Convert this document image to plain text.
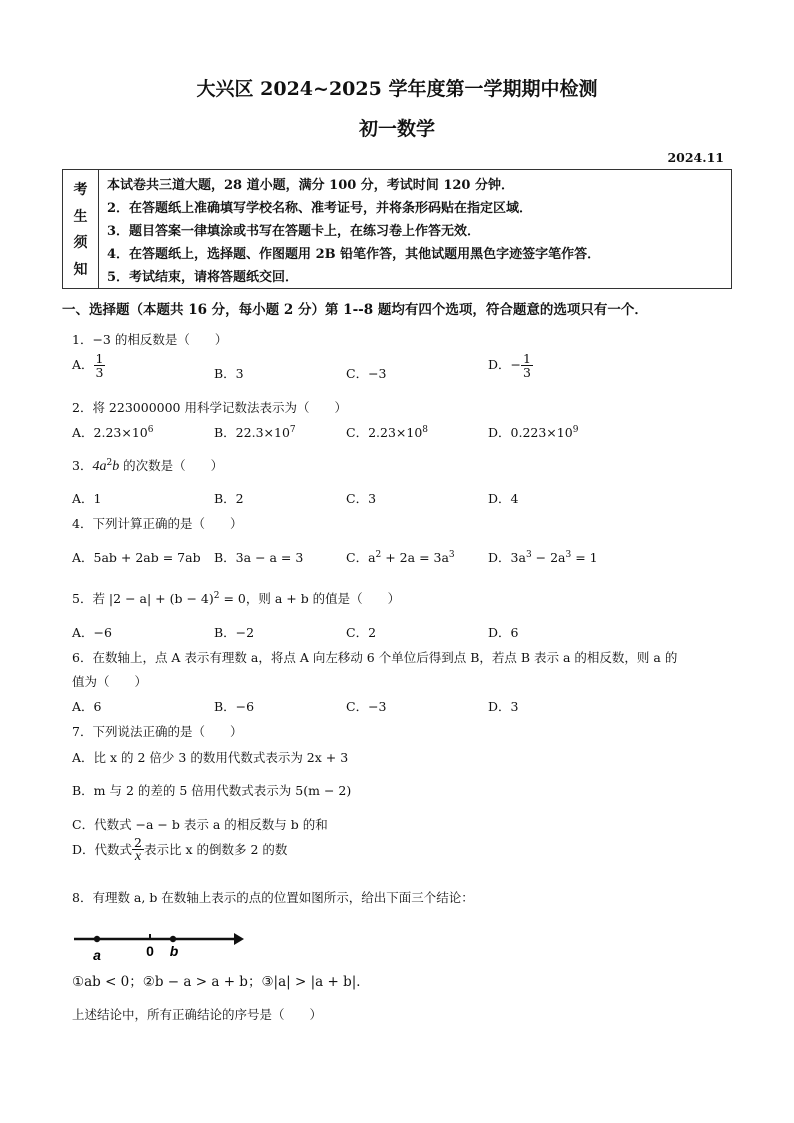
大兴区 2024~2025 学年度第一学期期中检测
初一数学
2024.11
考
生
须
知
本试卷共三道大题，28 道小题，满分 100 分，考试时间 120 分钟．
2．在答题纸上准确填写学校名称、准考证号，并将条形码贴在指定区域．
3．题目答案一律填涂或书写在答题卡上，在练习卷上作答无效．
4．在答题纸上，选择题、作图题用 2B 铅笔作答，其他试题用黑色字迹签字笔作答．
5．考试结束，请将答题纸交回．
一、选择题（本题共 16 分，每小题 2 分）第 1--8 题均有四个选项，符合题意的选项只有一个．
1．−3 的相反数是（　　）
A． $\frac{1}{3}$	B．3	C．−3
D．− $\frac{1}{3}$
2．将 223000000 用科学记数法表示为（　　）
A．$2.23\times 10^6$	B．$22.3\times 10^7$	C．$2.23\times 10^8$	D．$0.223\times 10^9$
3．$4a^2b$ 的次数是（　　）
A．1	B．2	C．3	D．4
4．下列计算正确的是（　　）
A．5ab + 2ab = 7ab B．3a − a = 3	C．$a^2 + 2a = 3a^3$	D．$3a^3 - 2a^3 = 1$
5．若 $|2 - a| + (b - 4)^2 = 0$，则 a + b 的值是（　　）
A．−6	B．−2	C．2	D．6
6．在数轴上，点 A 表示有理数 a，将点 A 向左移动 6 个单位后得到点 B，若点 B 表示 a 的相反数，则 a 的
值为（　　）
A．6	B．−6	C．−3	D．3
7．下列说法正确的是（　　）
A．比 x 的 2 倍少 3 的数用代数式表示为 2x + 3
B．m 与 2 的差的 5 倍用代数式表示为 5(m − 2)
C．代数式 −a − b 表示 a 的相反数与 b 的和
D．代数式 $\frac{2}{x}$ 表示比 x 的倒数多 2 的数
8．有理数 a, b 在数轴上表示的点的位置如图所示，给出下面三个结论：
a	0 b
①ab < 0；②b − a > a + b；③|a| > |a + b|．
上述结论中，所有正确结论的序号是（　　）
